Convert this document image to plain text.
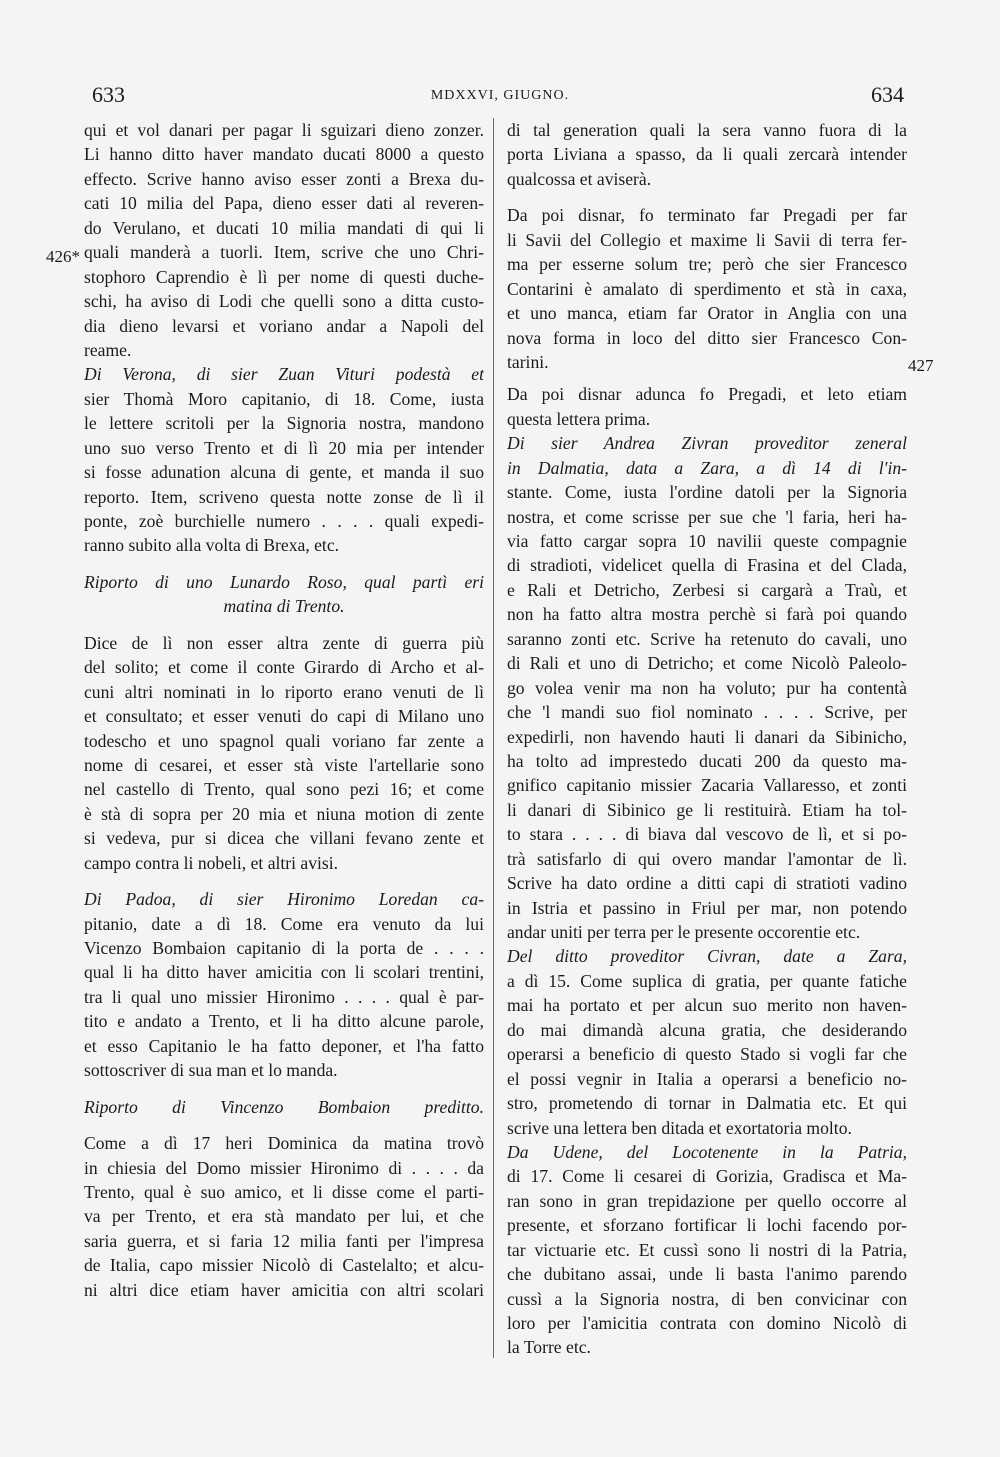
633	MDXXVI, GIUGNO.	634
426*
427
qui et vol danari per pagar li sguizari dieno zonzer.
Li hanno ditto haver mandato ducati 8000 a questo
effecto. Scrive hanno aviso esser zonti a Brexa du-
cati 10 milia del Papa, dieno esser dati al reveren-
do Verulano, et ducati 10 milia mandati di qui li
quali manderà a tuorli. Item, scrive che uno Chri-
stophoro Caprendio è lì per nome di questi duche-
schi, ha aviso di Lodi che quelli sono a ditta custo-
dia dieno levarsi et voriano andar a Napoli del
reame.
Di Verona, di sier Zuan Vituri podestà et
sier Thomà Moro capitanio, di 18. Come, iusta
le lettere scritoli per la Signoria nostra, mandono
uno suo verso Trento et di lì 20 mia per intender
si fosse adunation alcuna di gente, et manda il suo
reporto. Item, scriveno questa notte zonse de lì il
ponte, zoè burchielle numero . . . . quali expedi-
ranno subito alla volta di Brexa, etc.
Riporto di uno Lunardo Roso, qual partì eri
matina di Trento.
Dice de lì non esser altra zente di guerra più
del solito; et come il conte Girardo di Archo et al-
cuni altri nominati in lo riporto erano venuti de lì
et consultato; et esser venuti do capi di Milano uno
todescho et uno spagnol quali voriano far zente a
nome di cesarei, et esser stà viste l'artellarie sono
nel castello di Trento, qual sono pezi 16; et come
è stà di sopra per 20 mia et niuna motion di zente
si vedeva, pur si dicea che villani fevano zente et
campo contra li nobeli, et altri avisi.
Di Padoa, di sier Hironimo Loredan ca-
pitanio, date a dì 18. Come era venuto da lui
Vicenzo Bombaion capitanio di la porta de . . . .
qual li ha ditto haver amicitia con li scolari trentini,
tra li qual uno missier Hironimo . . . . qual è par-
tito e andato a Trento, et li ha ditto alcune parole,
et esso Capitanio le ha fatto deponer, et l'ha fatto
sottoscriver di sua man et lo manda.
Riporto di Vincenzo Bombaion preditto.
Come a dì 17 heri Dominica da matina trovò
in chiesia del Domo missier Hironimo di . . . . da
Trento, qual è suo amico, et li disse come el parti-
va per Trento, et era stà mandato per lui, et che
saria guerra, et si faria 12 milia fanti per l'impresa
de Italia, capo missier Nicolò di Castelalto; et alcu-
ni altri dice etiam haver amicitia con altri scolari
di tal generation quali la sera vanno fuora di la
porta Liviana a spasso, da li quali zercarà intender
qualcossa et aviserà.
Da poi disnar, fo terminato far Pregadi per far
li Savii del Collegio et maxime li Savii di terra fer-
ma per esserne solum tre; però che sier Francesco
Contarini è amalato di sperdimento et stà in caxa,
et uno manca, etiam far Orator in Anglia con una
nova forma in loco del ditto sier Francesco Con-
tarini.
Da poi disnar adunca fo Pregadi, et leto etiam
questa lettera prima.
Di sier Andrea Zivran proveditor zeneral
in Dalmatia, data a Zara, a dì 14 di l'in-
stante. Come, iusta l'ordine datoli per la Signoria
nostra, et come scrisse per sue che 'l faria, heri ha-
via fatto cargar sopra 10 navilii queste compagnie
di stradioti, videlicet quella di Frasina et del Clada,
e Rali et Detricho, Zerbesi si cargarà a Traù, et
non ha fatto altra mostra perchè si farà poi quando
saranno zonti etc. Scrive ha retenuto do cavali, uno
di Rali et uno di Detricho; et come Nicolò Paleolo-
go volea venir ma non ha voluto; pur ha contentà
che 'l mandi suo fiol nominato . . . . Scrive, per
expedirli, non havendo hauti li danari da Sibinicho,
ha tolto ad imprestedo ducati 200 da questo ma-
gnifico capitanio missier Zacaria Vallaresso, et zonti
li danari di Sibinico ge li restituirà. Etiam ha tol-
to stara . . . . di biava dal vescovo de lì, et si po-
trà satisfarlo di qui overo mandar l'amontar de lì.
Scrive ha dato ordine a ditti capi di stratioti vadino
in Istria et passino in Friul per mar, non potendo
andar uniti per terra per le presente occorentie etc.
Del ditto proveditor Civran, date a Zara,
a dì 15. Come suplica di gratia, per quante fatiche
mai ha portato et per alcun suo merito non haven-
do mai dimandà alcuna gratia, che desiderando
operarsi a beneficio di questo Stado si vogli far che
el possi vegnir in Italia a operarsi a beneficio no-
stro, prometendo di tornar in Dalmatia etc. Et qui
scrive una lettera ben ditada et exortatoria molto.
Da Udene, del Locotenente in la Patria,
di 17. Come li cesarei di Gorizia, Gradisca et Ma-
ran sono in gran trepidazione per quello occorre al
presente, et sforzano fortificar li lochi facendo por-
tar victuarie etc. Et cussì sono li nostri di la Patria,
che dubitano assai, unde li basta l'animo parendo
cussì a la Signoria nostra, di ben convicinar con
loro per l'amicitia contrata con domino Nicolò di
la Torre etc.
